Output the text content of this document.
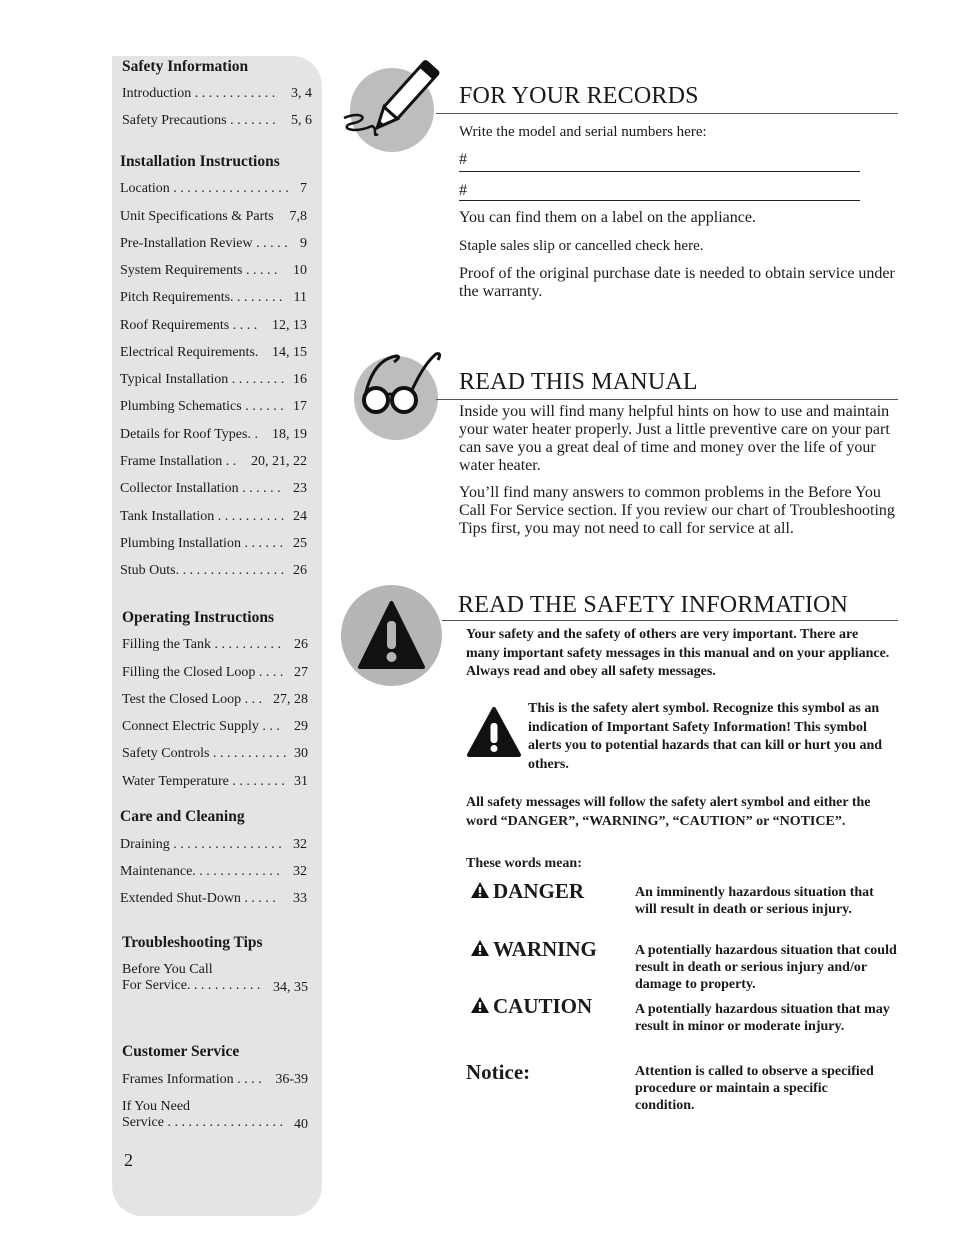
Safety Information
Introduction . . . . . . . . . . . . 3, 4
Safety Precautions . . . . . . . 5, 6
Installation Instructions
Location . . . . . . . . . . . . . . . . . 7
Unit Specifications & Parts 7,8
Pre-Installation Review . . . . . 9
System Requirements . . . . . 10
Pitch Requirements. . . . . . . . 11
Roof Requirements . . . . 12, 13
Electrical Requirements. 14, 15
Typical Installation . . . . . . . . 16
Plumbing Schematics . . . . . . 17
Details for Roof Types. . 18, 19
Frame Installation . . 20, 21, 22
Collector Installation . . . . . . 23
Tank Installation . . . . . . . . . . 24
Plumbing Installation . . . . . . 25
Stub Outs. . . . . . . . . . . . . . . . 26
Operating Instructions
Filling the Tank . . . . . . . . . . 26
Filling the Closed Loop . . . . 27
Test the Closed Loop . . . 27, 28
Connect Electric Supply . . . 29
Safety Controls . . . . . . . . . . . 30
Water Temperature . . . . . . . . 31
Care and Cleaning
Draining . . . . . . . . . . . . . . . . 32
Maintenance. . . . . . . . . . . . . 32
Extended Shut-Down . . . . . 33
Troubleshooting Tips
Before You Call
For Service. . . . . . . . . . . 34, 35
Customer Service
Frames Information . . . . 36-39
If You Need
Service . . . . . . . . . . . . . . . . . 40
2
FOR YOUR RECORDS
Write the model and serial numbers here:
#
#
You can find them on a label on the appliance.
Staple sales slip or cancelled check here.
Proof of the original purchase date is needed to obtain service under the warranty.
READ THIS MANUAL
Inside you will find many helpful hints on how to use and maintain your water heater properly. Just a little preventive care on your part can save you a great deal of time and money over the life of your water heater.
You’ll find many answers to common problems in the Before You Call For Service section. If you review our chart of Troubleshooting Tips first, you may not need to call for service at all.
READ THE SAFETY INFORMATION
Your safety and the safety of others are very important. There are many important safety messages in this manual and on your appliance. Always read and obey all safety messages.
This is the safety alert symbol. Recognize this symbol as an indication of Important Safety Information! This symbol alerts you to potential hazards that can kill or hurt you and others.
All safety messages will follow the safety alert symbol and either the word “DANGER”, “WARNING”, “CAUTION” or “NOTICE”.
These words mean:
DANGER	An imminently hazardous situation that will result in death or serious injury.
WARNING	A potentially hazardous situation that could result in death or serious injury and/or damage to property.
CAUTION	A potentially hazardous situation that may result in minor or moderate injury.
Notice:	Attention is called to observe a specified procedure or maintain a specific condition.
